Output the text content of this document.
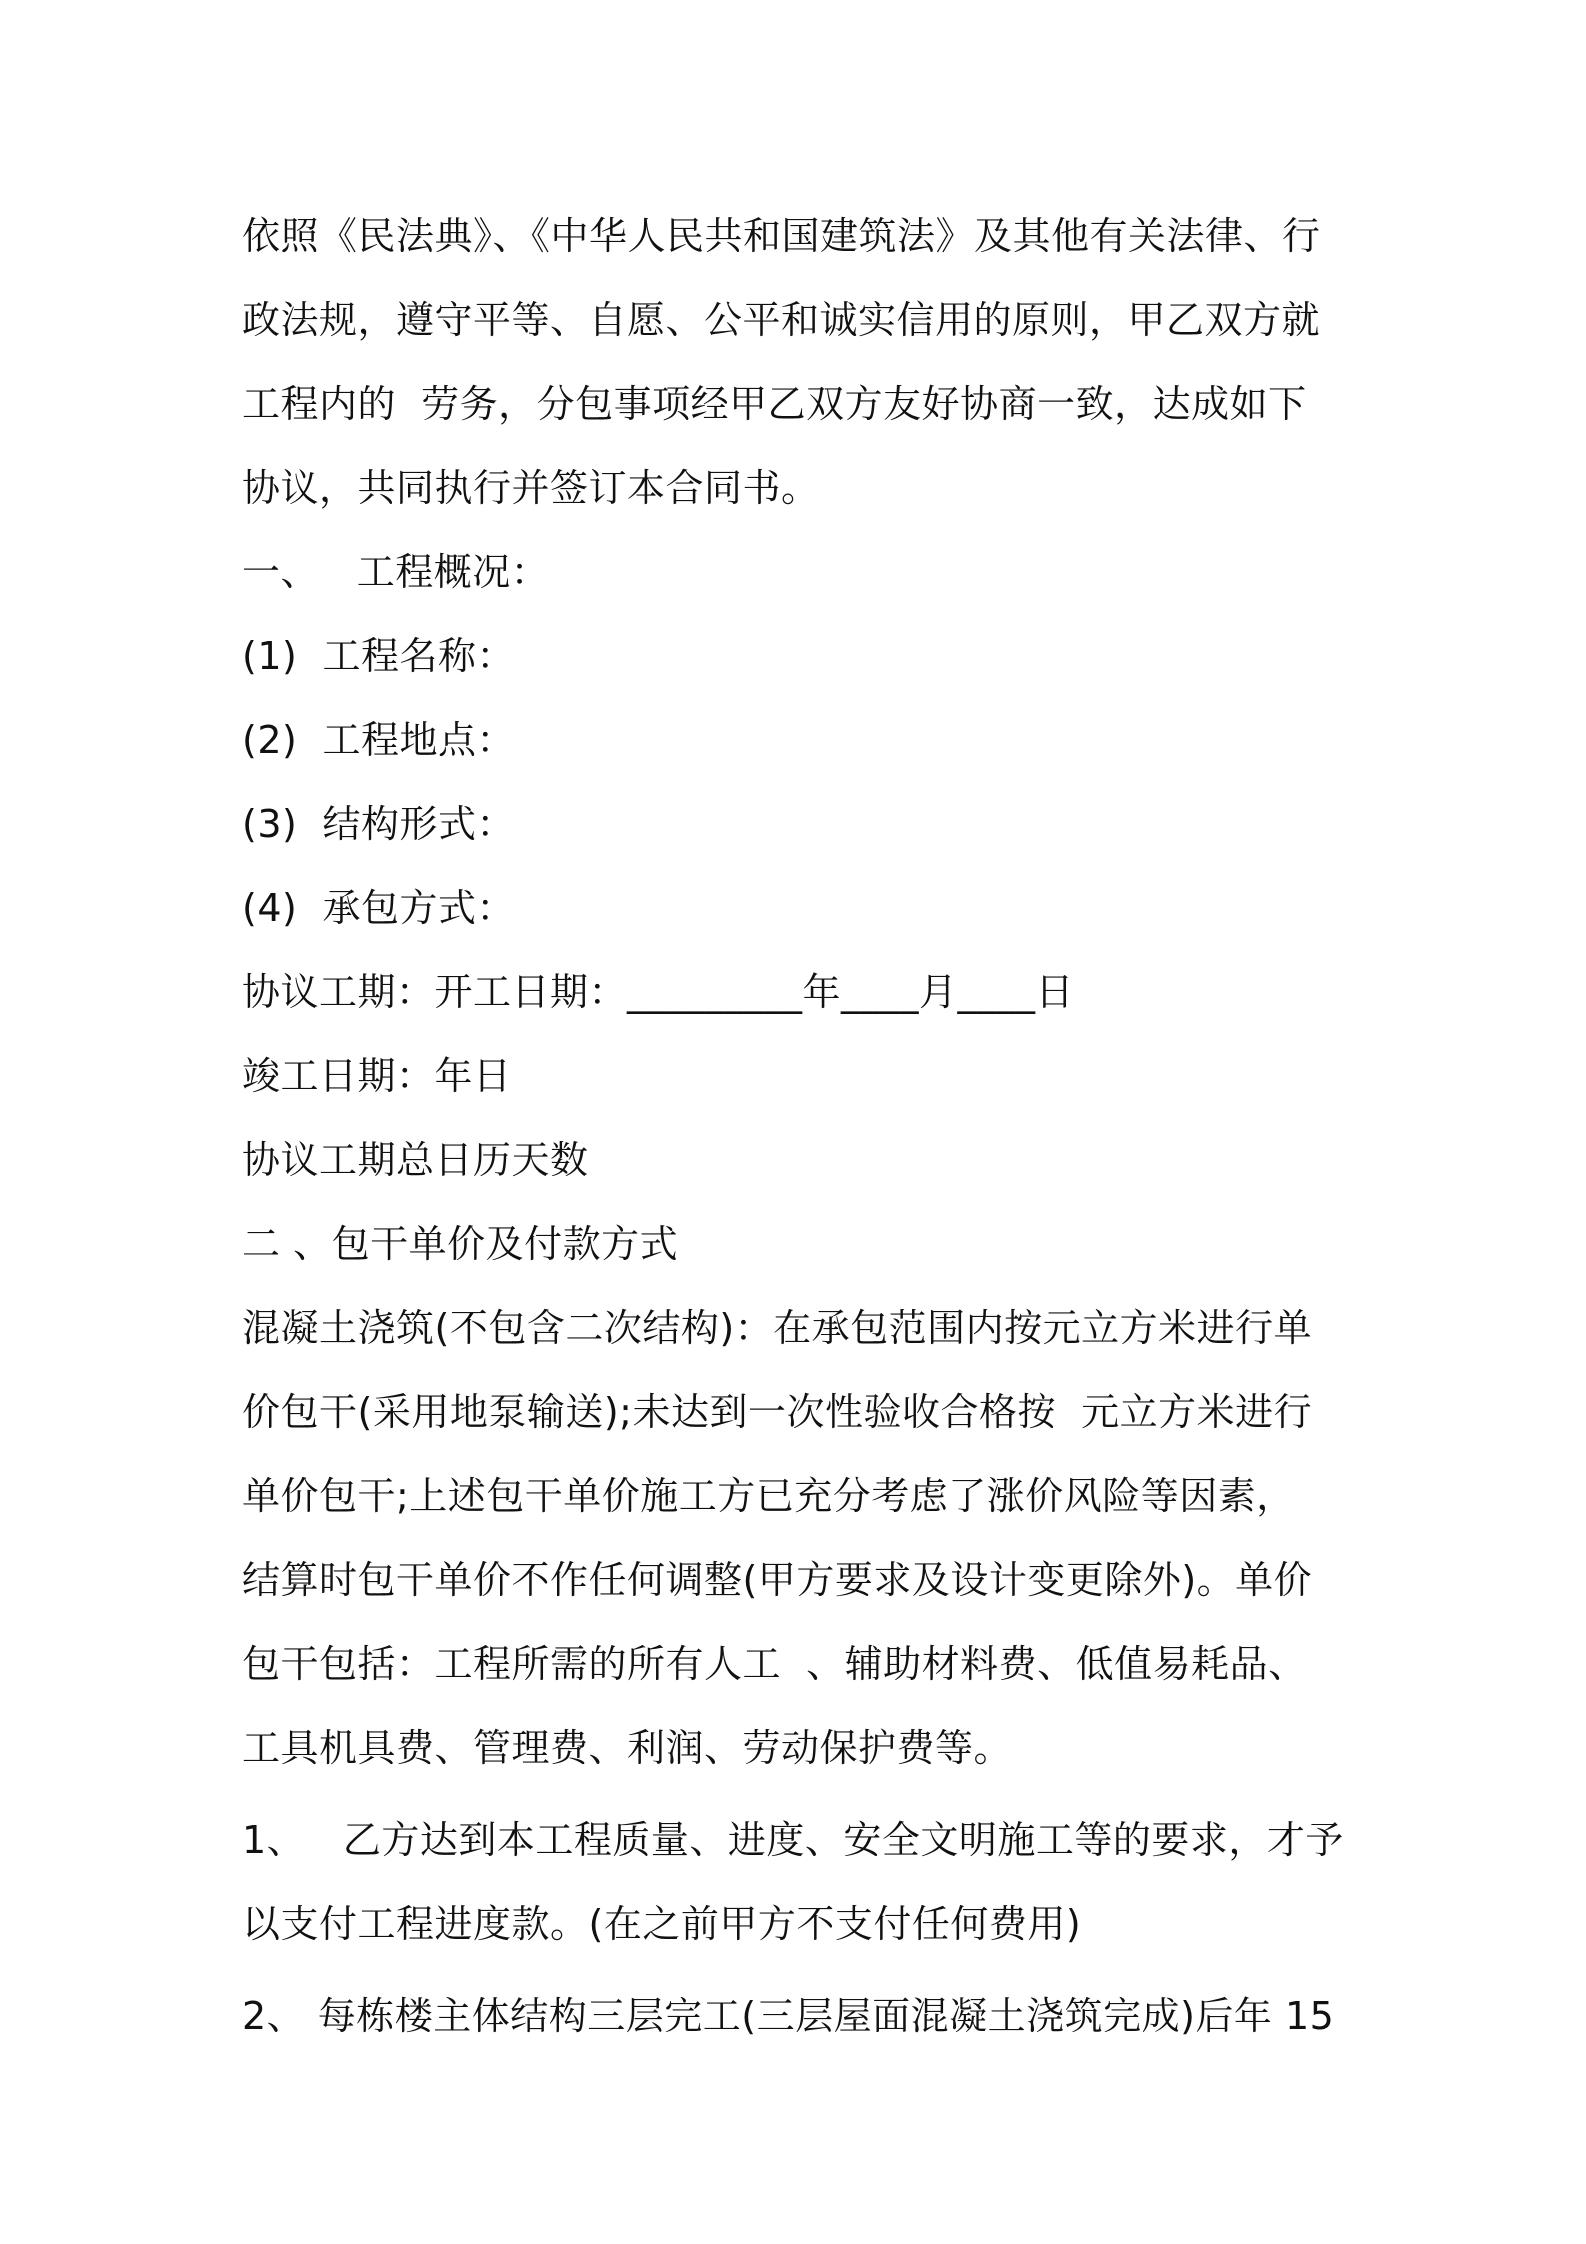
依照《民法典》、《中华人民共和国建筑法》及其他有关法律、行
政法规，遵守平等、自愿、公平和诚实信用的原则，甲乙双方就
工程内的  劳务，分包事项经甲乙双方友好协商一致，达成如下
协议，共同执行并签订本合同书。
一、   工程概况：
(1)  工程名称：
(2)  工程地点：
(3)  结构形式：
(4)  承包方式：
协议工期：开工日期：_________年____月____日
竣工日期：年日
协议工期总日历天数
二 、包干单价及付款方式
混凝土浇筑(不包含二次结构)：在承包范围内按元立方米进行单
价包干(采用地泵输送);未达到一次性验收合格按  元立方米进行
单价包干;上述包干单价施工方已充分考虑了涨价风险等因素，
结算时包干单价不作任何调整(甲方要求及设计变更除外)。单价
包干包括：工程所需的所有人工  、辅助材料费、低值易耗品、
工具机具费、管理费、利润、劳动保护费等。
1、   乙方达到本工程质量、进度、安全文明施工等的要求，才予
以支付工程进度款。(在之前甲方不支付任何费用)
2、 每栋楼主体结构三层完工(三层屋面混凝土浇筑完成)后年 15
